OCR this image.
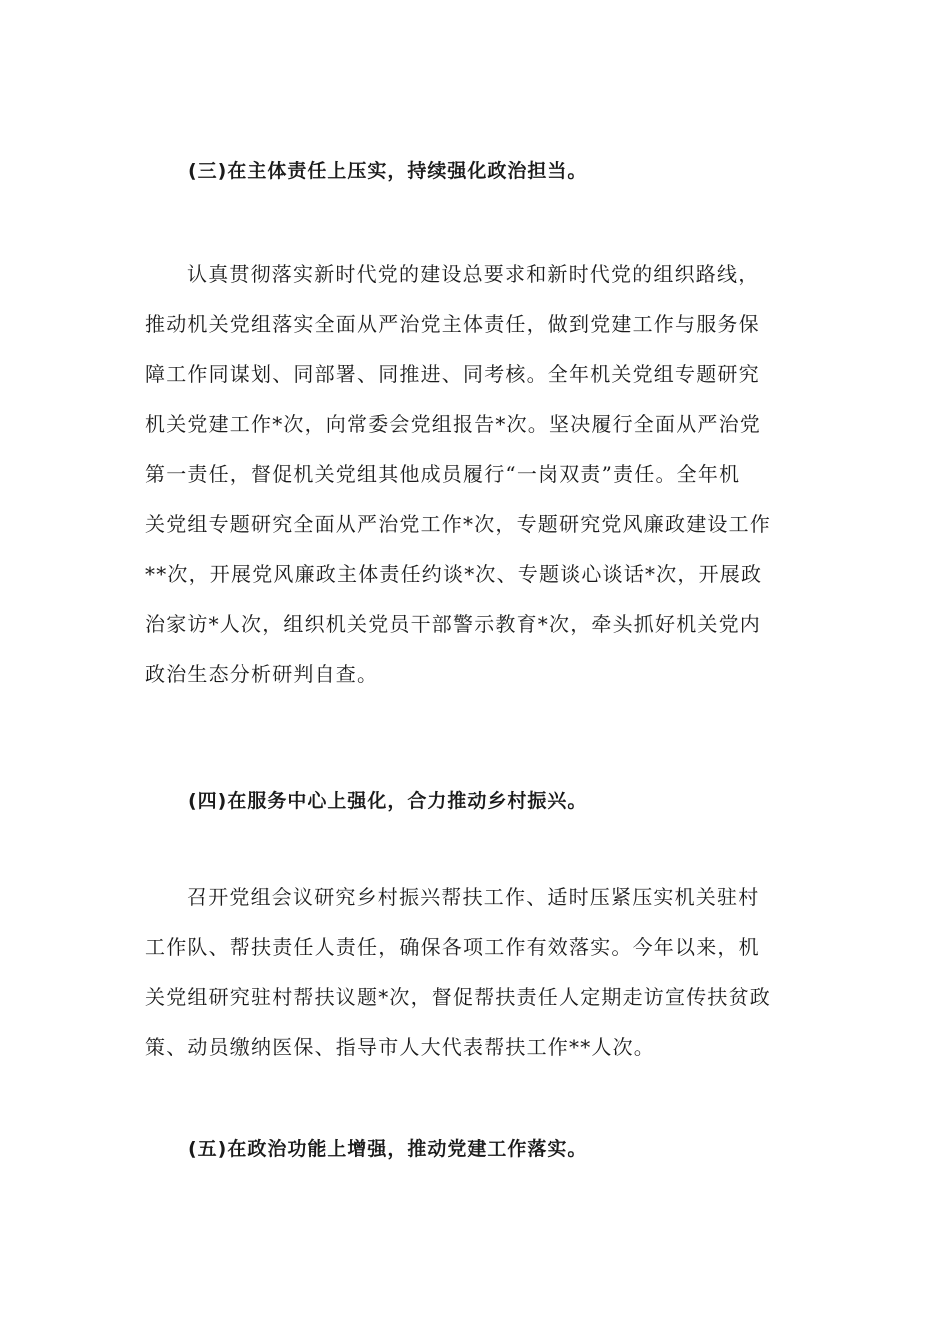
(三)在主体责任上压实，持续强化政治担当。
认真贯彻落实新时代党的建设总要求和新时代党的组织路线，
推动机关党组落实全面从严治党主体责任，做到党建工作与服务保
障工作同谋划、同部署、同推进、同考核。全年机关党组专题研究
机关党建工作*次，向常委会党组报告*次。坚决履行全面从严治党
第一责任，督促机关党组其他成员履行“一岗双责”责任。全年机
关党组专题研究全面从严治党工作*次，专题研究党风廉政建设工作
**次，开展党风廉政主体责任约谈*次、专题谈心谈话*次，开展政
治家访*人次，组织机关党员干部警示教育*次，牵头抓好机关党内
政治生态分析研判自查。
(四)在服务中心上强化，合力推动乡村振兴。
召开党组会议研究乡村振兴帮扶工作、适时压紧压实机关驻村
工作队、帮扶责任人责任，确保各项工作有效落实。今年以来，机
关党组研究驻村帮扶议题*次，督促帮扶责任人定期走访宣传扶贫政
策、动员缴纳医保、指导市人大代表帮扶工作**人次。
(五)在政治功能上增强，推动党建工作落实。
